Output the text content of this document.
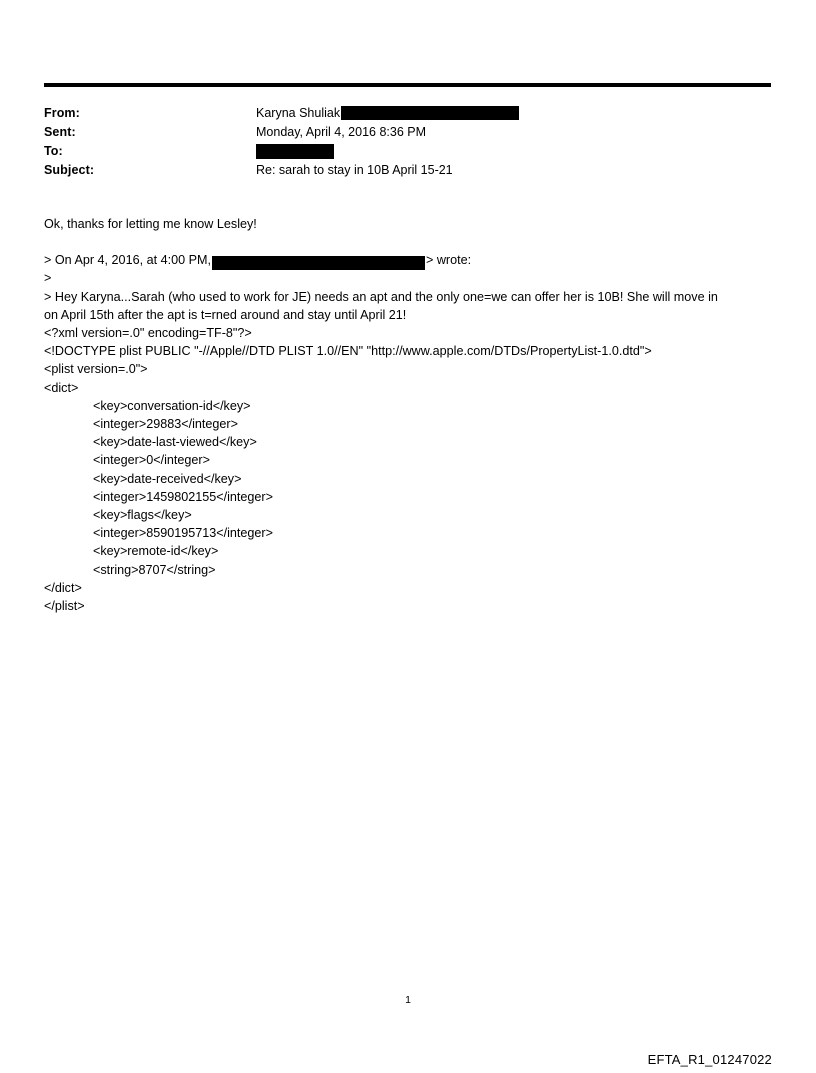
From:	Karyna Shuliak
Sent:	Monday, April 4, 2016 8:36 PM
To:
Subject:	Re: sarah to stay in 10B April 15-21

Ok, thanks for letting me know Lesley!

> On Apr 4, 2016, at 4:00 PM,	> wrote:

>

> Hey Karyna...Sarah (who used to work for JE) needs an apt and the only one=we can offer her is 10B! She will move in

on April 15th after the apt is t=rned around and stay until April 21!

<?xml version=.0" encoding=TF-8"?>

<!DOCTYPE plist PUBLIC "-//Apple//DTD PLIST 1.0//EN" "http://www.apple.com/DTDs/PropertyList-1.0.dtd">

<plist version=.0">

<dict>

<key>conversation-id</key>

<integer>29883</integer>

<key>date-last-viewed</key>

<integer>0</integer>

<key>date-received</key>

<integer>1459802155</integer>

<key>flags</key>

<integer>8590195713</integer>

<key>remote-id</key>

<string>8707</string>

</dict>

</plist>

1
EFTA_R1_01247022
